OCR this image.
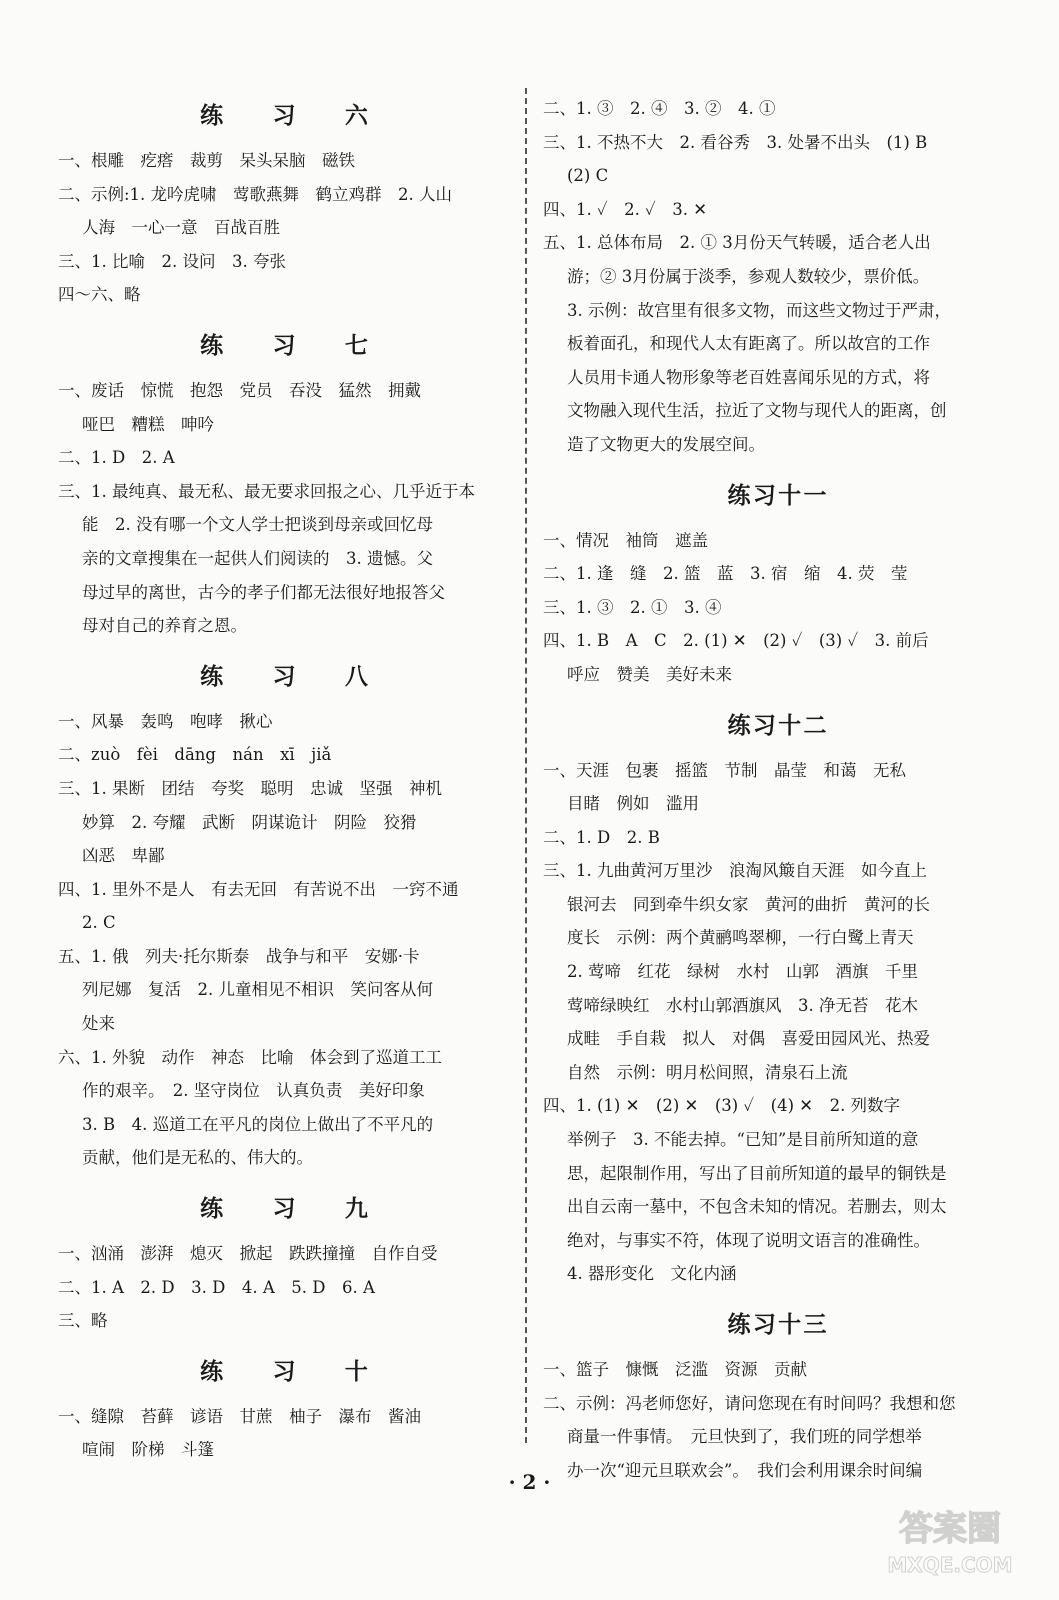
练 习 六
一、根雕　疙瘩　裁剪　呆头呆脑　磁铁
二、示例:1. 龙吟虎啸　莺歌燕舞　鹤立鸡群　2. 人山
人海　一心一意　百战百胜
三、1. 比喻　2. 设问　3. 夸张
四～六、略
练 习 七
一、废话　惊慌　抱怨　党员　吞没　猛然　拥戴
哑巴　糟糕　呻吟
二、1. D　2. A
三、1. 最纯真、最无私、最无要求回报之心、几乎近于本
能　2. 没有哪一个文人学士把谈到母亲或回忆母
亲的文章搜集在一起供人们阅读的　3. 遗憾。父
母过早的离世，古今的孝子们都无法很好地报答父
母对自己的养育之恩。
练 习 八
一、风暴　轰鸣　咆哮　揪心
二、zuò　fèi　dāng　nán　xī　jiǎ
三、1. 果断　团结　夸奖　聪明　忠诚　坚强　神机
妙算　2. 夸耀　武断　阴谋诡计　阴险　狡猾
凶恶　卑鄙
四、1. 里外不是人　有去无回　有苦说不出　一窍不通
2. C
五、1. 俄　列夫·托尔斯泰　战争与和平　安娜·卡
列尼娜　复活　2. 儿童相见不相识　笑问客从何
处来
六、1. 外貌　动作　神态　比喻　体会到了巡道工工
作的艰辛。　2. 坚守岗位　认真负责　美好印象
3. B　4. 巡道工在平凡的岗位上做出了不平凡的
贡献，他们是无私的、伟大的。
练 习 九
一、汹涌　澎湃　熄灭　掀起　跌跌撞撞　自作自受
二、1. A　2. D　3. D　4. A　5. D　6. A
三、略
练 习 十
一、缝隙　苔藓　谚语　甘蔗　柚子　瀑布　酱油
喧闹　阶梯　斗篷
二、1. ③　2. ④　3. ②　4. ①
三、1. 不热不大　2. 看谷秀　3. 处暑不出头　(1) B
(2) C
四、1. ✓　2. ✓　3. ✕
五、1. 总体布局　2. ① 3月份天气转暖，适合老人出
游；② 3月份属于淡季，参观人数较少，票价低。
3. 示例：故宫里有很多文物，而这些文物过于严肃，
板着面孔，和现代人太有距离了。所以故宫的工作
人员用卡通人物形象等老百姓喜闻乐见的方式，将
文物融入现代生活，拉近了文物与现代人的距离，创
造了文物更大的发展空间。
练习十一
一、情况　袖筒　遮盖
二、1. 逢　缝　2. 篮　蓝　3. 宿　缩　4. 荧　莹
三、1. ③　2. ①　3. ④
四、1. B　A　C　2. (1) ✕　(2) ✓　(3) ✓　3. 前后
呼应　赞美　美好未来
练习十二
一、天涯　包裹　摇篮　节制　晶莹　和蔼　无私
目睹　例如　滥用
二、1. D　2. B
三、1. 九曲黄河万里沙　浪淘风簸自天涯　如今直上
银河去　同到牵牛织女家　黄河的曲折　黄河的长
度长　示例：两个黄鹂鸣翠柳，一行白鹭上青天
2. 莺啼　红花　绿树　水村　山郭　酒旗　千里
莺啼绿映红　水村山郭酒旗风　3. 净无苔　花木
成畦　手自栽　拟人　对偶　喜爱田园风光、热爱
自然　示例：明月松间照，清泉石上流
四、1. (1) ✕　(2) ✕　(3) ✓　(4) ✕　2. 列数字
举例子　3. 不能去掉。“已知”是目前所知道的意
思，起限制作用，写出了目前所知道的最早的铜铁是
出自云南一墓中，不包含未知的情况。若删去，则太
绝对，与事实不符，体现了说明文语言的准确性。
4. 器形变化　文化内涵
练习十三
一、篮子　慷慨　泛滥　资源　贡献
二、示例：冯老师您好，请问您现在有时间吗？我想和您
商量一件事情。　元旦快到了，我们班的同学想举
办一次“迎元旦联欢会”。　我们会利用课余时间编
· 2 ·
答案圈
MXQE.COM
